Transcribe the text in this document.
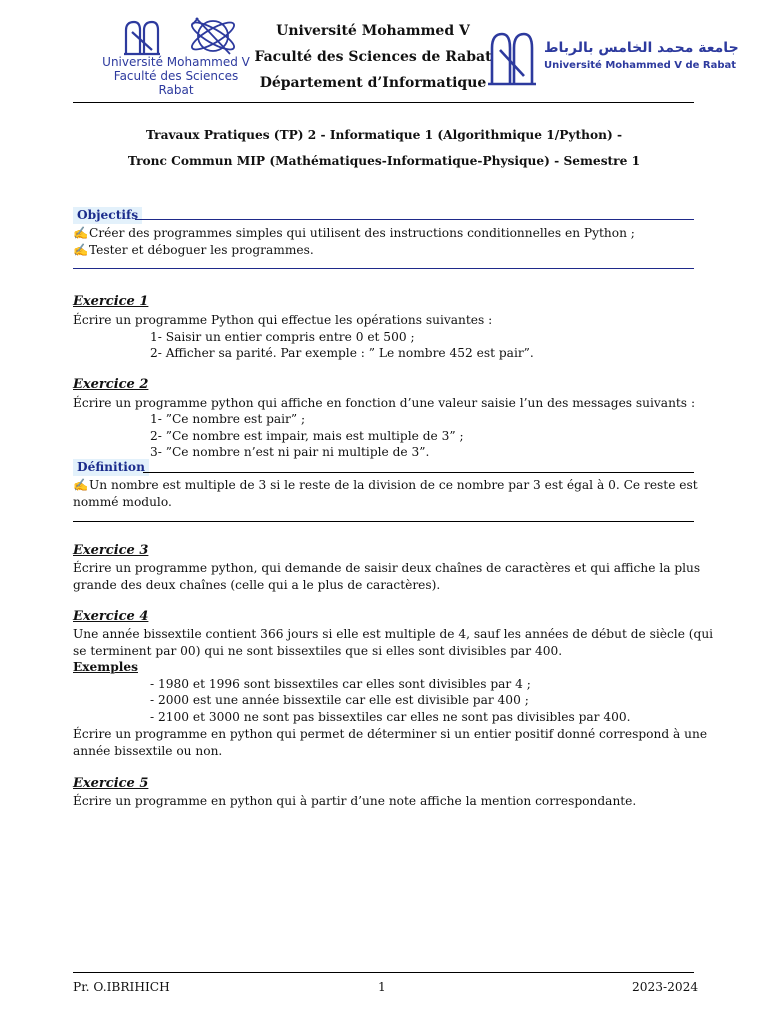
Université Mohammed V
Faculté des Sciences
Rabat
Université Mohammed V
Faculté des Sciences de Rabat
Département d’Informatique
جامعة محمد الخامس بالرباط
Université Mohammed V de Rabat
Travaux Pratiques (TP) 2 - Informatique 1 (Algorithmique 1/Python) -
Tronc Commun MIP (Mathématiques-Informatique-Physique) - Semestre 1
Objectifs
✍ Créer des programmes simples qui utilisent des instructions conditionnelles en Python ;
✍ Tester et déboguer les programmes.
Exercice 1
Écrire un programme Python qui effectue les opérations suivantes :
1- Saisir un entier compris entre 0 et 500 ;
2- Afficher sa parité. Par exemple : ” Le nombre 452 est pair”.
Exercice 2
Écrire un programme python qui affiche en fonction d’une valeur saisie l’un des messages suivants :
1- ”Ce nombre est pair” ;
2- ”Ce nombre est impair, mais est multiple de 3” ;
3- ”Ce nombre n’est ni pair ni multiple de 3”.
Définition
✍ Un nombre est multiple de 3 si le reste de la division de ce nombre par 3 est égal à 0. Ce reste est
nommé modulo.
Exercice 3
Écrire un programme python, qui demande de saisir deux chaînes de caractères et qui affiche la plus
grande des deux chaînes (celle qui a le plus de caractères).
Exercice 4
Une année bissextile contient 366 jours si elle est multiple de 4, sauf les années de début de siècle (qui
se terminent par 00) qui ne sont bissextiles que si elles sont divisibles par 400.
Exemples
- 1980 et 1996 sont bissextiles car elles sont divisibles par 4 ;
- 2000 est une année bissextile car elle est divisible par 400 ;
- 2100 et 3000 ne sont pas bissextiles car elles ne sont pas divisibles par 400.
Écrire un programme en python qui permet de déterminer si un entier positif donné correspond à une
année bissextile ou non.
Exercice 5
Écrire un programme en python qui à partir d’une note affiche la mention correspondante.
Pr. O.IBRIHICH	1	2023-2024
